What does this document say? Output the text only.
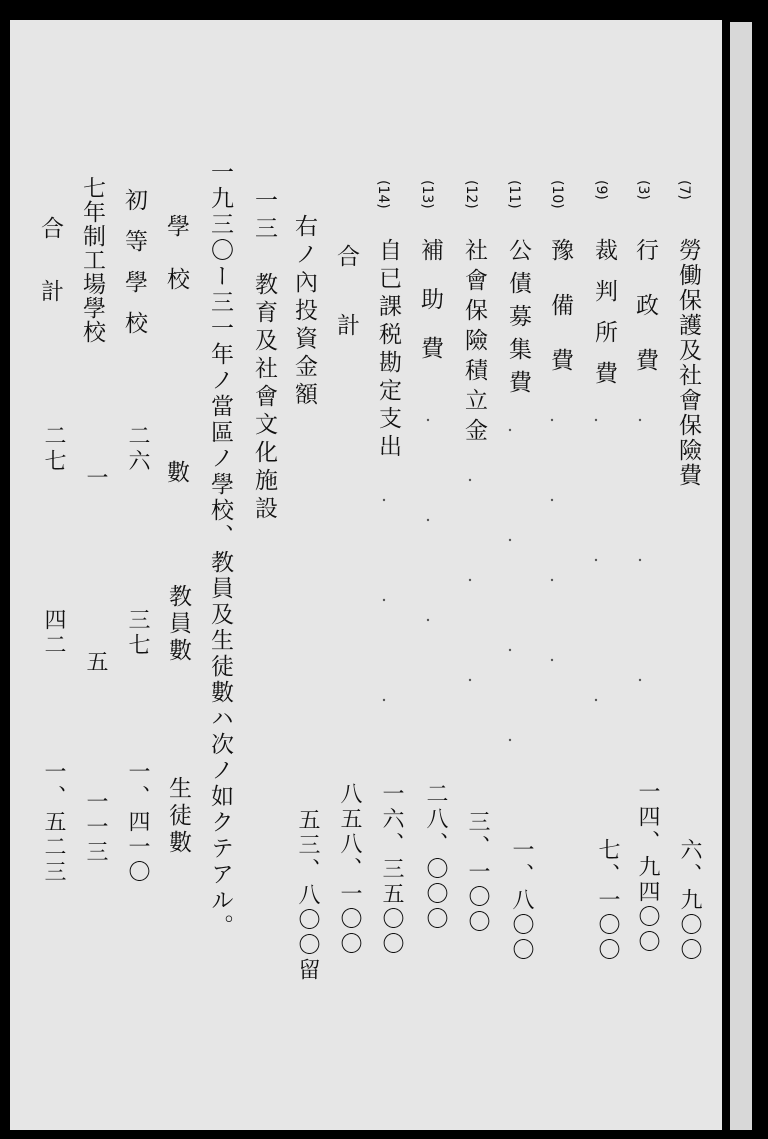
(7)
勞働保護及社會保險費
六、九〇〇
(3)
行政費
一四、九四〇〇
(9)
裁判所費
七、一〇〇
(10)
豫備費
(11)
公債募集費
一、八〇〇
(12)
社會保險積立金
三、一〇〇
(13)
補助費
二八、〇〇〇
(14)
自已課税勘定支出
一六、三五〇〇
合計
八五八、一〇〇
右ノ內投資金額
五三、八〇〇留
一三　教育及社會文化施設
一九三〇ー三一年ノ當區ノ學校、教員及生徒數ハ次ノ如クテアル。
學校
數
教員數
生徒數
初等學校
二六
三七
一、四一〇
七年制工場學校
一
五
一一三
合計
二七
四二
一、五二三
